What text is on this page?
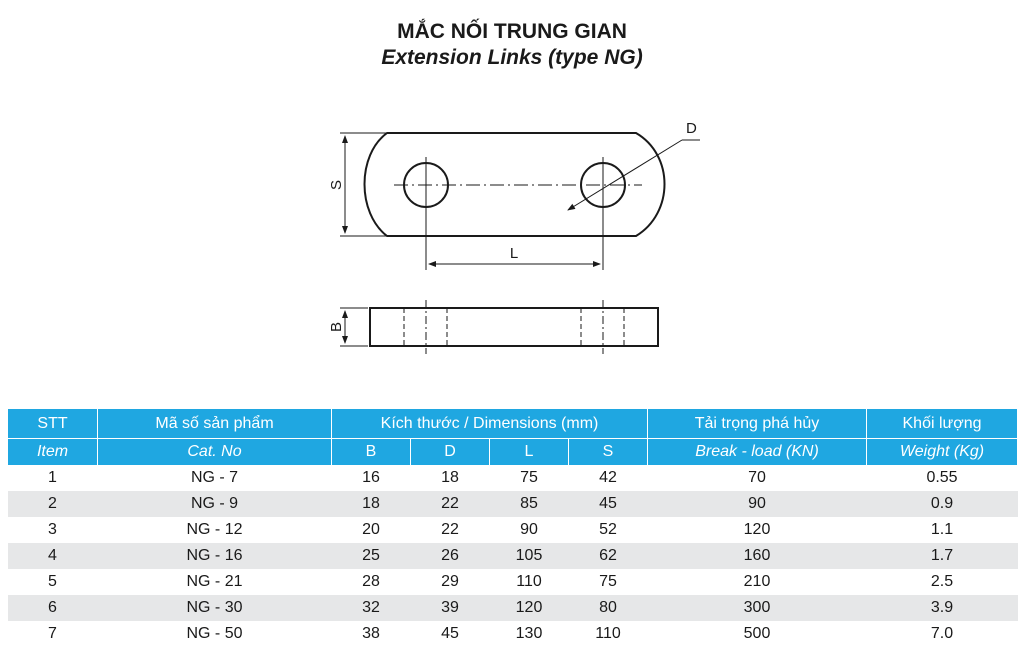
MẮC NỐI TRUNG GIAN
Extension Links (type NG)
D
S
L
B
STT	Mã số sản phẩm	Kích thước / Dimensions (mm)				Tải trọng phá hủy	Khối lượng
Item	Cat. No	B	D	L	S	Break - load (KN)	Weight (Kg)
1	NG - 7	16	18	75	42	70	0.55
2	NG - 9	18	22	85	45	90	0.9
3	NG - 12	20	22	90	52	120	1.1
4	NG - 16	25	26	105	62	160	1.7
5	NG - 21	28	29	110	75	210	2.5
6	NG - 30	32	39	120	80	300	3.9
7	NG - 50	38	45	130	110	500	7.0
